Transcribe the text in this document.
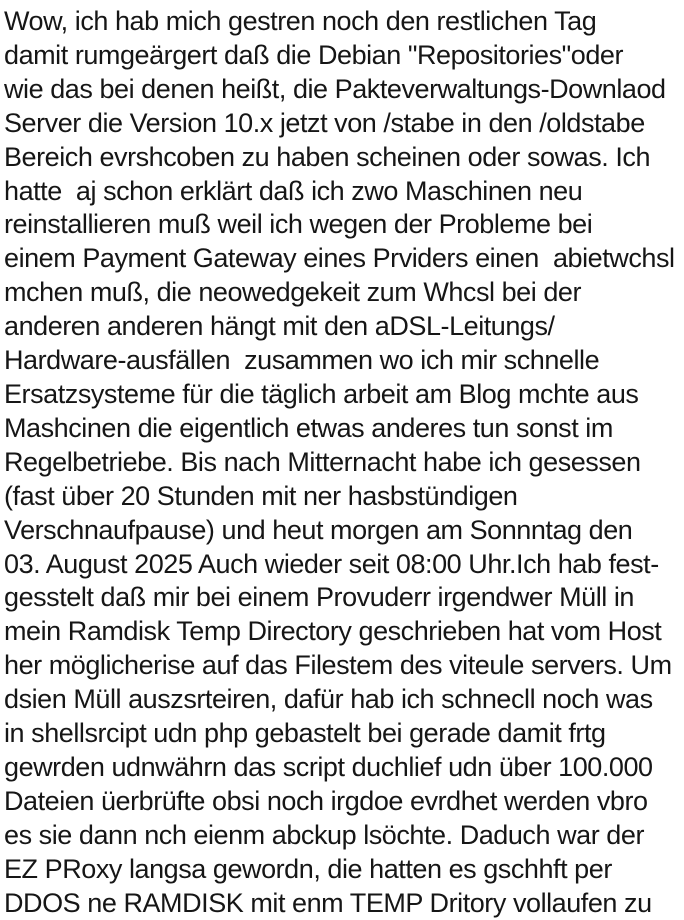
Wow, ich hab mich gestren noch den restlichen Tag
damit rumgeärgert daß die Debian "Repositories"oder
wie das bei denen heißt, die Pakteverwaltungs-Downlaod
Server die Version 10.x jetzt von /stabe in den /oldstabe
Bereich evrshcoben zu haben scheinen oder sowas. Ich
hatte  aj schon erklärt daß ich zwo Maschinen neu
reinstallieren muß weil ich wegen der Probleme bei
einem Payment Gateway eines Prviders einen  abietwchsl
mchen muß, die neowedgekeit zum Whcsl bei der
anderen anderen hängt mit den aDSL-Leitungs/
Hardware-ausfällen  zusammen wo ich mir schnelle
Ersatzsysteme für die täglich arbeit am Blog mchte aus
Mashcinen die eigentlich etwas anderes tun sonst im
Regelbetriebe. Bis nach Mitternacht habe ich gesessen
(fast über 20 Stunden mit ner hasbstündigen
Verschnaufpause) und heut morgen am Sonnntag den
03. August 2025 Auch wieder seit 08:00 Uhr.Ich hab fest-
gesstelt daß mir bei einem Provuderr irgendwer Müll in
mein Ramdisk Temp Directory geschrieben hat vom Host
her möglicherise auf das Filestem des viteule servers. Um
dsien Müll auszsrteiren, dafür hab ich schnecll noch was
in shellsrcipt udn php gebastelt bei gerade damit frtg
gewrden udnwährn das script duchlief udn über 100.000
Dateien üerbrüfte obsi noch irgdoe evrdhet werden vbro
es sie dann nch eienm abckup lsöchte. Daduch war der
EZ PRoxy langsa gewordn, die hatten es gschhft per
DDOS ne RAMDISK mit enm TEMP Dritory vollaufen zu
